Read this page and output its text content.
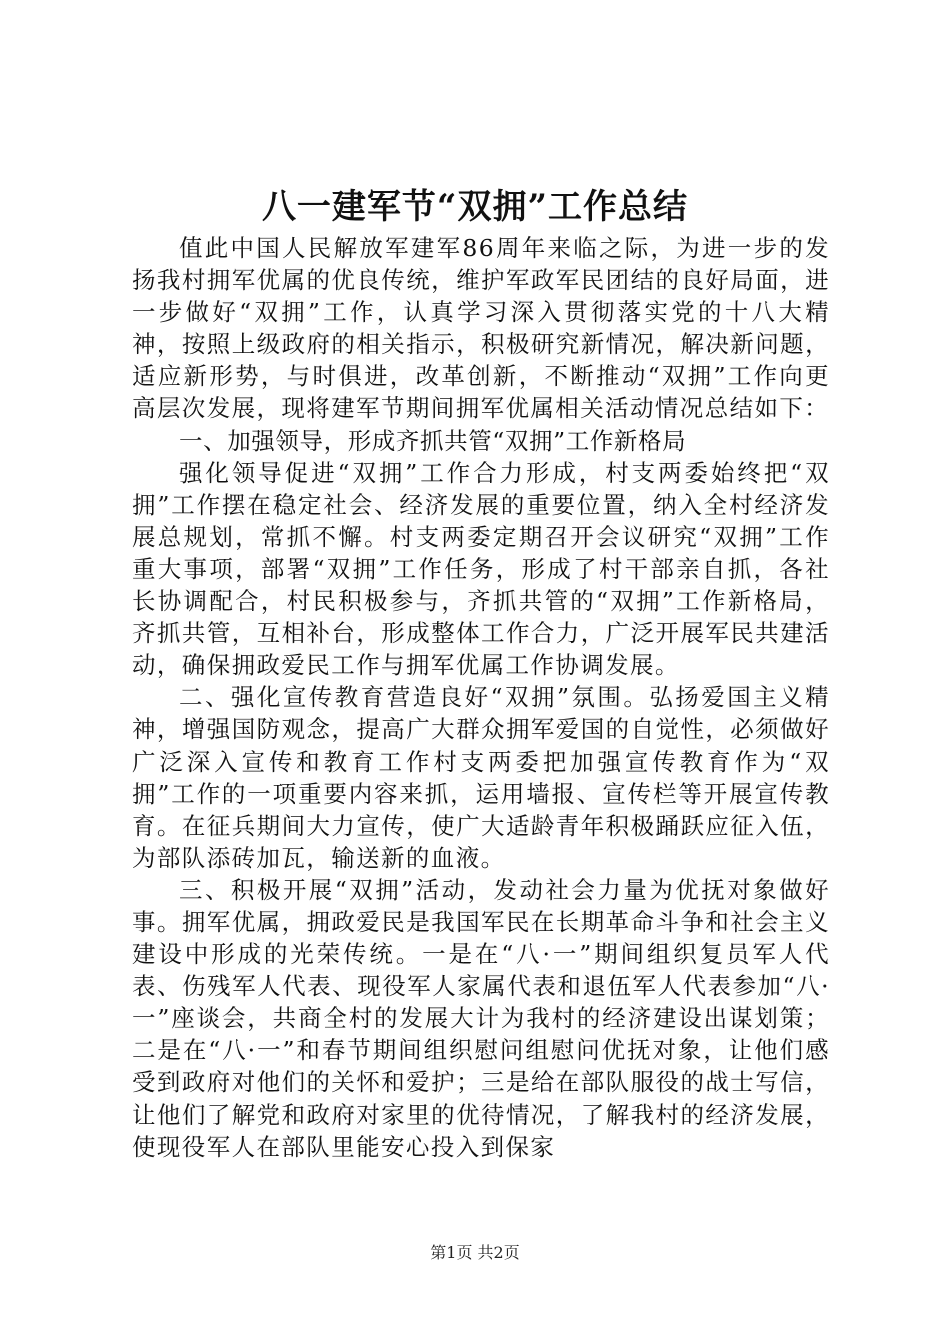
八一建军节“双拥”工作总结

值此中国人民解放军建军86周年来临之际，为进一步的发扬我村拥军优属的优良传统，维护军政军民团结的良好局面，进一步做好“双拥”工作，认真学习深入贯彻落实党的十八大精神，按照上级政府的相关指示，积极研究新情况，解决新问题，适应新形势，与时俱进，改革创新，不断推动“双拥”工作向更高层次发展，现将建军节期间拥军优属相关活动情况总结如下：

一、加强领导，形成齐抓共管“双拥”工作新格局

强化领导促进“双拥”工作合力形成，村支两委始终把“双拥”工作摆在稳定社会、经济发展的重要位置，纳入全村经济发展总规划，常抓不懈。村支两委定期召开会议研究“双拥”工作重大事项，部署“双拥”工作任务，形成了村干部亲自抓，各社长协调配合，村民积极参与，齐抓共管的“双拥”工作新格局，齐抓共管，互相补台，形成整体工作合力，广泛开展军民共建活动，确保拥政爱民工作与拥军优属工作协调发展。

二、强化宣传教育营造良好“双拥”氛围。弘扬爱国主义精神，增强国防观念，提高广大群众拥军爱国的自觉性，必须做好广泛深入宣传和教育工作村支两委把加强宣传教育作为“双拥”工作的一项重要内容来抓，运用墙报、宣传栏等开展宣传教育。在征兵期间大力宣传，使广大适龄青年积极踊跃应征入伍，为部队添砖加瓦，输送新的血液。

三、积极开展“双拥”活动，发动社会力量为优抚对象做好事。拥军优属，拥政爱民是我国军民在长期革命斗争和社会主义建设中形成的光荣传统。一是在“八·一”期间组织复员军人代表、伤残军人代表、现役军人家属代表和退伍军人代表参加“八·一”座谈会，共商全村的发展大计为我村的经济建设出谋划策；二是在“八·一”和春节期间组织慰问组慰问优抚对象，让他们感受到政府对他们的关怀和爱护；三是给在部队服役的战士写信，让他们了解党和政府对家里的优待情况，了解我村的经济发展，使现役军人在部队里能安心投入到保家

第1页 共2页
